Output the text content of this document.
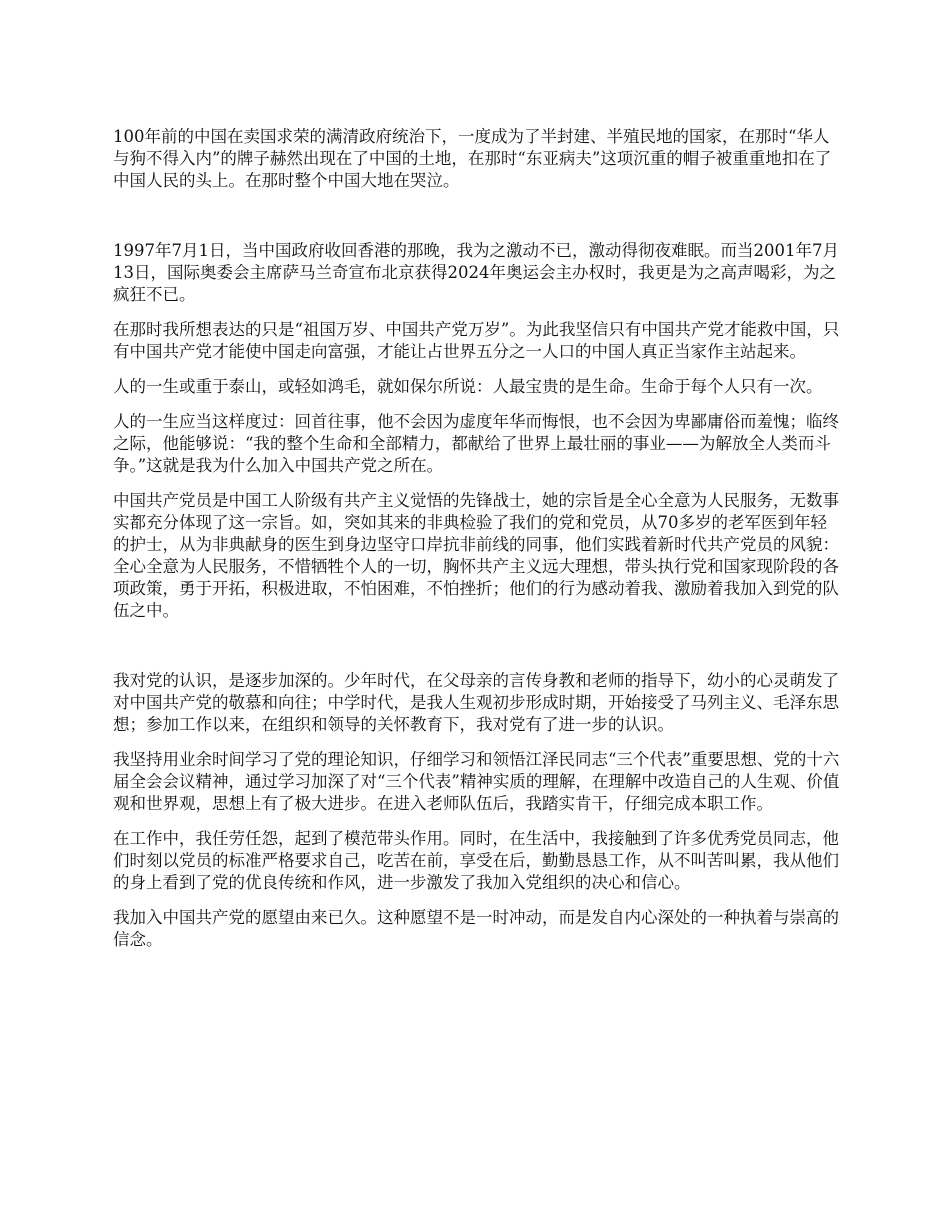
100年前的中国在卖国求荣的满清政府统治下，一度成为了半封建、半殖民地的国家，在那时“华人与狗不得入内”的牌子赫然出现在了中国的土地，在那时“东亚病夫”这项沉重的帽子被重重地扣在了中国人民的头上。在那时整个中国大地在哭泣。

1997年7月1日，当中国政府收回香港的那晚，我为之激动不已，激动得彻夜难眠。而当2001年7月13日，国际奥委会主席萨马兰奇宣布北京获得2024年奥运会主办权时，我更是为之高声喝彩，为之疯狂不已。

在那时我所想表达的只是“祖国万岁、中国共产党万岁”。为此我坚信只有中国共产党才能救中国，只有中国共产党才能使中国走向富强，才能让占世界五分之一人口的中国人真正当家作主站起来。

人的一生或重于泰山，或轻如鸿毛，就如保尔所说：人最宝贵的是生命。生命于每个人只有一次。

人的一生应当这样度过：回首往事，他不会因为虚度年华而悔恨，也不会因为卑鄙庸俗而羞愧；临终之际，他能够说：“我的整个生命和全部精力，都献给了世界上最壮丽的事业——为解放全人类而斗争。”这就是我为什么加入中国共产党之所在。

中国共产党员是中国工人阶级有共产主义觉悟的先锋战士，她的宗旨是全心全意为人民服务，无数事实都充分体现了这一宗旨。如，突如其来的非典检验了我们的党和党员，从70多岁的老军医到年轻的护士，从为非典献身的医生到身边坚守口岸抗非前线的同事，他们实践着新时代共产党员的风貌：全心全意为人民服务，不惜牺牲个人的一切，胸怀共产主义远大理想，带头执行党和国家现阶段的各项政策，勇于开拓，积极进取，不怕困难，不怕挫折；他们的行为感动着我、激励着我加入到党的队伍之中。

我对党的认识，是逐步加深的。少年时代，在父母亲的言传身教和老师的指导下，幼小的心灵萌发了对中国共产党的敬慕和向往；中学时代，是我人生观初步形成时期，开始接受了马列主义、毛泽东思想；参加工作以来，在组织和领导的关怀教育下，我对党有了进一步的认识。

我坚持用业余时间学习了党的理论知识，仔细学习和领悟江泽民同志“三个代表”重要思想、党的十六届全会会议精神，通过学习加深了对“三个代表”精神实质的理解，在理解中改造自己的人生观、价值观和世界观，思想上有了极大进步。在进入老师队伍后，我踏实肯干，仔细完成本职工作。

在工作中，我任劳任怨，起到了模范带头作用。同时，在生活中，我接触到了许多优秀党员同志，他们时刻以党员的标准严格要求自己，吃苦在前，享受在后，勤勤恳恳工作，从不叫苦叫累，我从他们的身上看到了党的优良传统和作风，进一步激发了我加入党组织的决心和信心。

我加入中国共产党的愿望由来已久。这种愿望不是一时冲动，而是发自内心深处的一种执着与崇高的信念。
